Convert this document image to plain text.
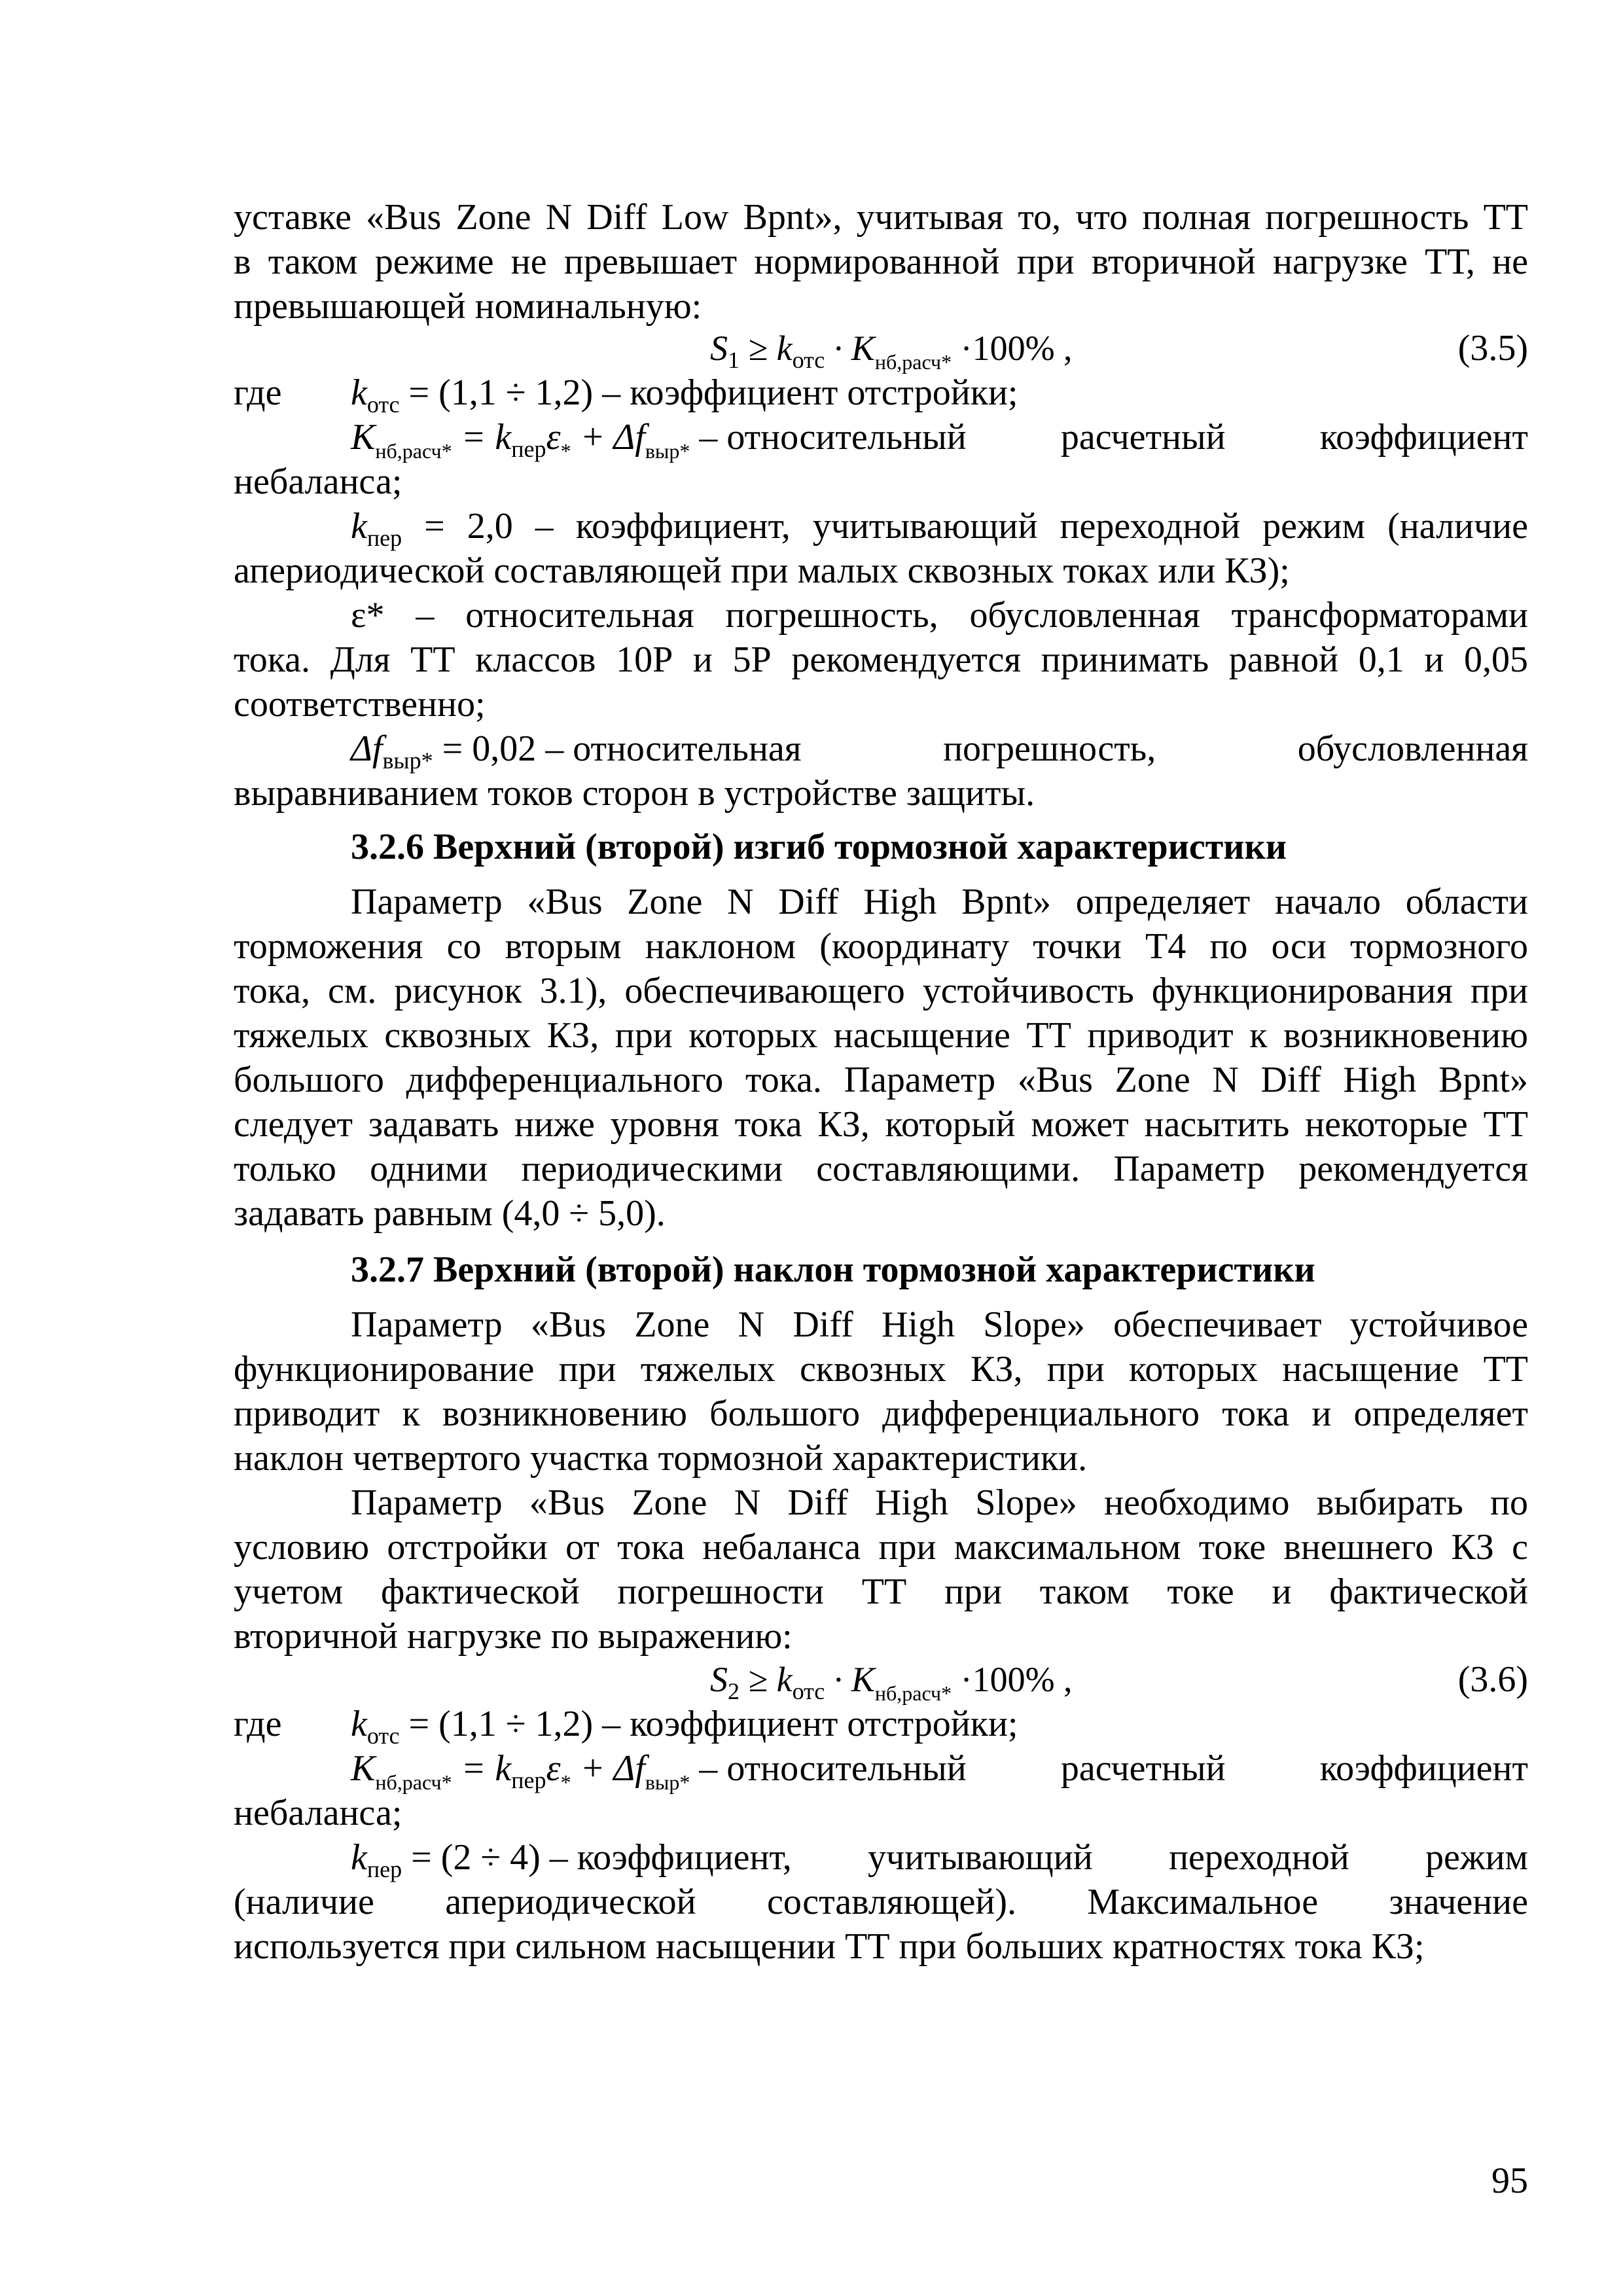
уставке «Bus Zone N Diff Low Bpnt», учитывая то, что полная погрешность ТТ
в таком режиме не превышает нормированной при вторичной нагрузке ТТ, не
превышающей номинальную:
$S_1 \ge k_{отс} \cdot K_{нб,расч*} \cdot 100\%$ ,	(3.5)
где $k_{отс} = (1,1 \div 1,2)$ – коэффициент отстройки;
$K_{нб,расч*} = k_{пер}\varepsilon_* + \Delta f_{выр*}$ – относительный	расчетный	коэффициент
небаланса;
$k_{пер} = 2,0$ – коэффициент, учитывающий переходной режим (наличие
апериодической составляющей при малых сквозных токах или КЗ);
ε* – относительная погрешность, обусловленная трансформаторами
тока. Для ТТ классов 10Р и 5Р рекомендуется принимать равной 0,1 и 0,05
соответственно;
$\Delta f_{выр*} = 0,02$ – относительная	погрешность,	обусловленная
выравниванием токов сторон в устройстве защиты.
3.2.6 Верхний (второй) изгиб тормозной характеристики
Параметр «Bus Zone N Diff High Bpnt» определяет начало области
торможения со вторым наклоном (координату точки Т4 по оси тормозного
тока, см. рисунок 3.1), обеспечивающего устойчивость функционирования при
тяжелых сквозных КЗ, при которых насыщение ТТ приводит к возникновению
большого дифференциального тока. Параметр «Bus Zone N Diff High Bpnt»
следует задавать ниже уровня тока КЗ, который может насытить некоторые ТТ
только одними периодическими составляющими. Параметр рекомендуется
задавать равным (4,0 ÷ 5,0).
3.2.7 Верхний (второй) наклон тормозной характеристики
Параметр «Bus Zone N Diff High Slope» обеспечивает устойчивое
функционирование при тяжелых сквозных КЗ, при которых насыщение ТТ
приводит к возникновению большого дифференциального тока и определяет
наклон четвертого участка тормозной характеристики.
Параметр «Bus Zone N Diff High Slope» необходимо выбирать по
условию отстройки от тока небаланса при максимальном токе внешнего КЗ с
учетом фактической погрешности ТТ при таком токе и фактической
вторичной нагрузке по выражению:
$S_2 \ge k_{отс} \cdot K_{нб,расч*} \cdot 100\%$ ,	(3.6)
где $k_{отс} = (1,1 \div 1,2)$ – коэффициент отстройки;
$K_{нб,расч*} = k_{пер}\varepsilon_* + \Delta f_{выр*}$ – относительный	расчетный	коэффициент
небаланса;
$k_{пер} = (2 \div 4)$ – коэффициент, учитывающий переходной режим
(наличие апериодической составляющей). Максимальное значение
используется при сильном насыщении ТТ при больших кратностях тока КЗ;
95
